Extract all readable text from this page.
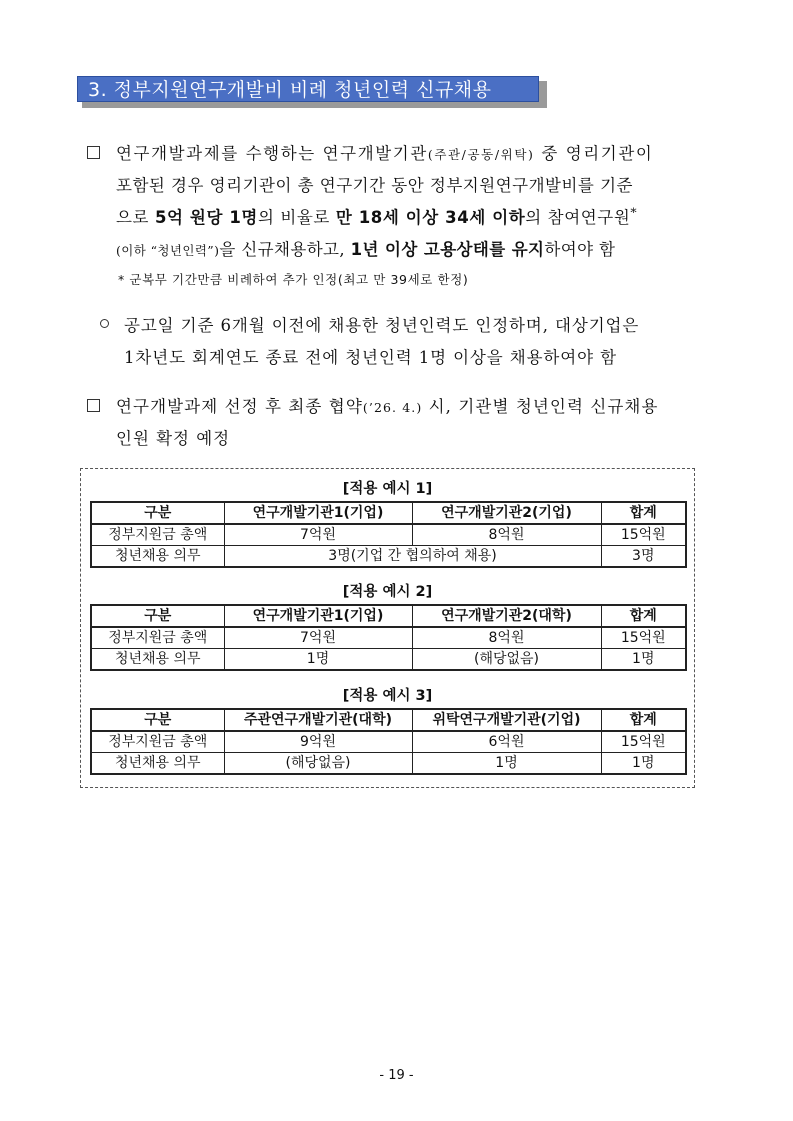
3. 정부지원연구개발비 비례 청년인력 신규채용
연구개발과제를 수행하는 연구개발기관(주관/공동/위탁) 중 영리기관이
포함된 경우 영리기관이 총 연구기간 동안 정부지원연구개발비를 기준
으로 5억 원당 1명의 비율로 만 18세 이상 34세 이하의 참여연구원*
(이하 “청년인력”)을 신규채용하고, 1년 이상 고용상태를 유지하여야 함
* 군복무 기간만큼 비례하여 추가 인정(최고 만 39세로 한정)
공고일 기준 6개월 이전에 채용한 청년인력도 인정하며, 대상기업은
1차년도 회계연도 종료 전에 청년인력 1명 이상을 채용하여야 함
연구개발과제 선정 후 최종 협약(’26. 4.) 시, 기관별 청년인력 신규채용
인원 확정 예정
[적용 예시 1]
구분	연구개발기관1(기업)	연구개발기관2(기업)	합계
정부지원금 총액	7억원	8억원	15억원
청년채용 의무	3명(기업 간 협의하여 채용)		3명
[적용 예시 2]
구분	연구개발기관1(기업)	연구개발기관2(대학)	합계
정부지원금 총액	7억원	8억원	15억원
청년채용 의무	1명	(해당없음)	1명
[적용 예시 3]
구분	주관연구개발기관(대학)	위탁연구개발기관(기업)	합계
정부지원금 총액	9억원	6억원	15억원
청년채용 의무	(해당없음)	1명	1명
- 19 -
